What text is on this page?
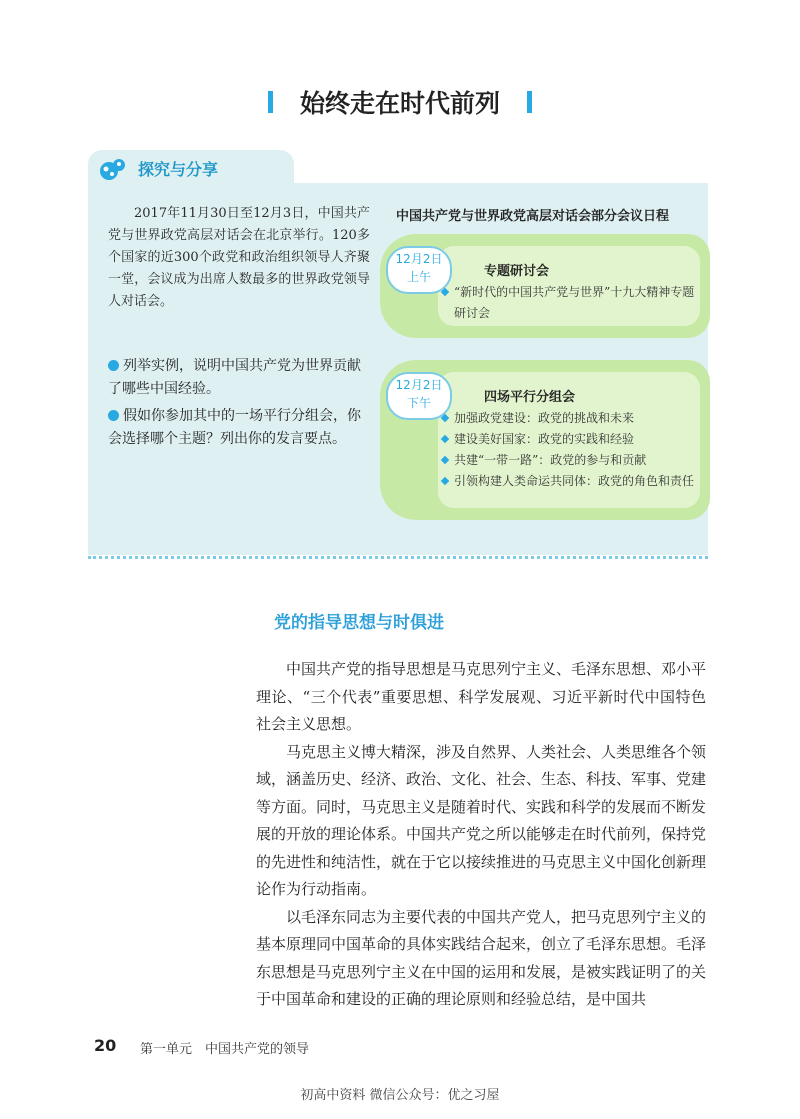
始终走在时代前列
探究与分享

2017年11月30日至12月3日，中国共产党与世界政党高层对话会在北京举行。120多个国家的近300个政党和政治组织领导人齐聚一堂，会议成为出席人数最多的世界政党领导人对话会。

列举实例，说明中国共产党为世界贡献了哪些中国经验。
假如你参加其中的一场平行分组会，你会选择哪个主题？列出你的发言要点。
中国共产党与世界政党高层对话会部分会议日程
12月2日
上午	专题研讨会
“新时代的中国共产党与世界”十九大精神专题研讨会
12月2日
下午	四场平行分组会
加强政党建设：政党的挑战和未来
建设美好国家：政党的实践和经验
共建“一带一路”：政党的参与和贡献
引领构建人类命运共同体：政党的角色和责任
党的指导思想与时俱进

中国共产党的指导思想是马克思列宁主义、毛泽东思想、邓小平理论、“三个代表”重要思想、科学发展观、习近平新时代中国特色社会主义思想。

马克思主义博大精深，涉及自然界、人类社会、人类思维各个领域，涵盖历史、经济、政治、文化、社会、生态、科技、军事、党建等方面。同时，马克思主义是随着时代、实践和科学的发展而不断发展的开放的理论体系。中国共产党之所以能够走在时代前列，保持党的先进性和纯洁性，就在于它以接续推进的马克思主义中国化创新理论作为行动指南。

以毛泽东同志为主要代表的中国共产党人，把马克思列宁主义的基本原理同中国革命的具体实践结合起来，创立了毛泽东思想。毛泽东思想是马克思列宁主义在中国的运用和发展，是被实践证明了的关于中国革命和建设的正确的理论原则和经验总结，是中国共

20 第一单元　中国共产党的领导
初高中资料 微信公众号：优之习屋
